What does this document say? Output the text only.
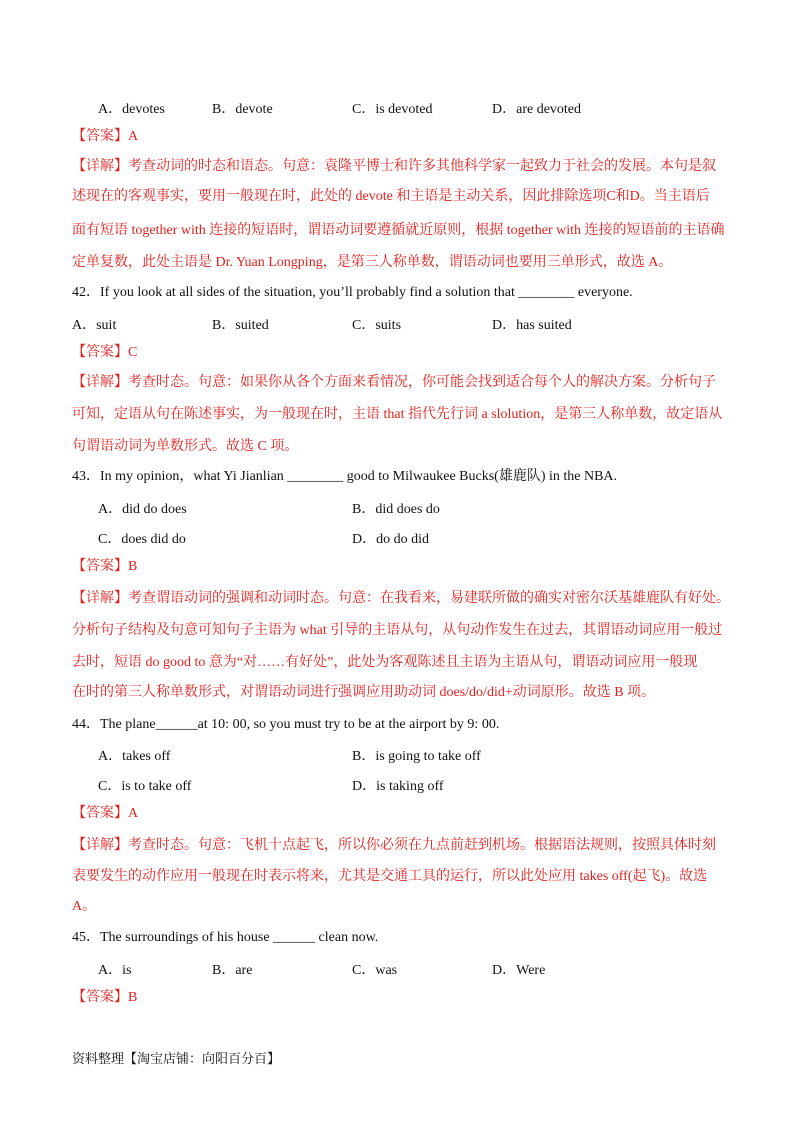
A．devotes	B．devote	C．is devoted	D．are devoted
【答案】A
【详解】考查动词的时态和语态。句意：袁隆平博士和许多其他科学家一起致力于社会的发展。本句是叙
述现在的客观事实，要用一般现在时，此处的 devote 和主语是主动关系，因此排除选项C和D。当主语后
面有短语 together with 连接的短语时，谓语动词要遵循就近原则，根据 together with 连接的短语前的主语确
定单复数，此处主语是 Dr. Yuan Longping，是第三人称单数，谓语动词也要用三单形式，故选 A。
42．If you look at all sides of the situation, you’ll probably find a solution that ________ everyone.
A．suit	B．suited	C．suits	D．has suited
【答案】C
【详解】考查时态。句意：如果你从各个方面来看情况，你可能会找到适合每个人的解决方案。分析句子
可知，定语从句在陈述事实，为一般现在时，主语 that 指代先行词 a slolution，是第三人称单数，故定语从
句谓语动词为单数形式。故选 C 项。
43．In my opinion，what Yi Jianlian ________ good to Milwaukee Bucks(雄鹿队) in the NBA.
A．did do does	B．did does do
C．does did do	D．do do did
【答案】B
【详解】考查谓语动词的强调和动词时态。句意：在我看来，易建联所做的确实对密尔沃基雄鹿队有好处。
分析句子结构及句意可知句子主语为 what 引导的主语从句，从句动作发生在过去，其谓语动词应用一般过
去时，短语 do good to 意为“对……有好处”，此处为客观陈述且主语为主语从句，谓语动词应用一般现
在时的第三人称单数形式，对谓语动词进行强调应用助动词 does/do/did+动词原形。故选 B 项。
44．The plane______at 10: 00, so you must try to be at the airport by 9: 00.
A．takes off	B．is going to take off
C．is to take off	D．is taking off
【答案】A
【详解】考查时态。句意：飞机十点起飞，所以你必须在九点前赶到机场。根据语法规则，按照具体时刻
表要发生的动作应用一般现在时表示将来，尤其是交通工具的运行，所以此处应用 takes off(起飞)。故选
A。
45．The surroundings of his house ______ clean now.
A．is	B．are	C．was	D．Were
【答案】B
资料整理【淘宝店铺：向阳百分百】
